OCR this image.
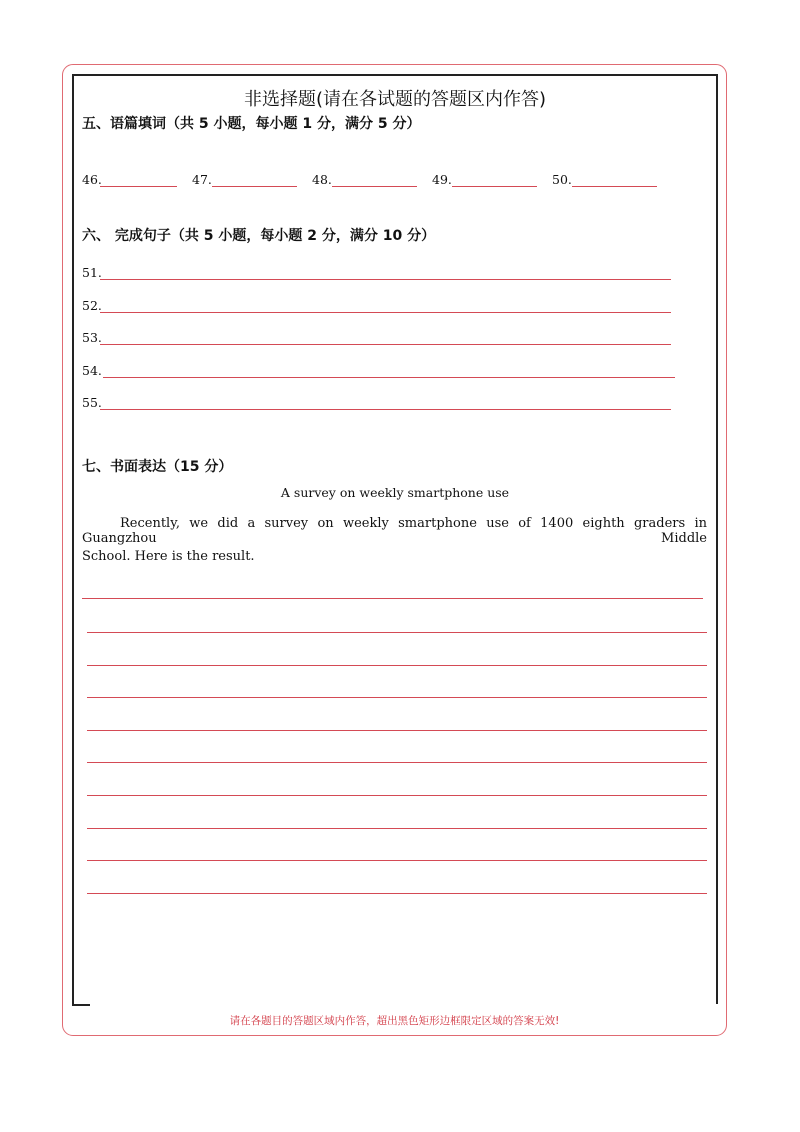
非选择题(请在各试题的答题区内作答)
五、语篇填词（共 5 小题，每小题 1 分，满分 5 分）
46.	47.	48.	49.	50.
六、 完成句子（共 5 小题，每小题 2 分，满分 10 分）
51.
52.
53.
54.
55.
七、书面表达（15 分）
A survey on weekly smartphone use
Recently, we did a survey on weekly smartphone use of 1400 eighth graders in Guangzhou Middle
School. Here is the result.
请在各题目的答题区域内作答，超出黑色矩形边框限定区域的答案无效!
